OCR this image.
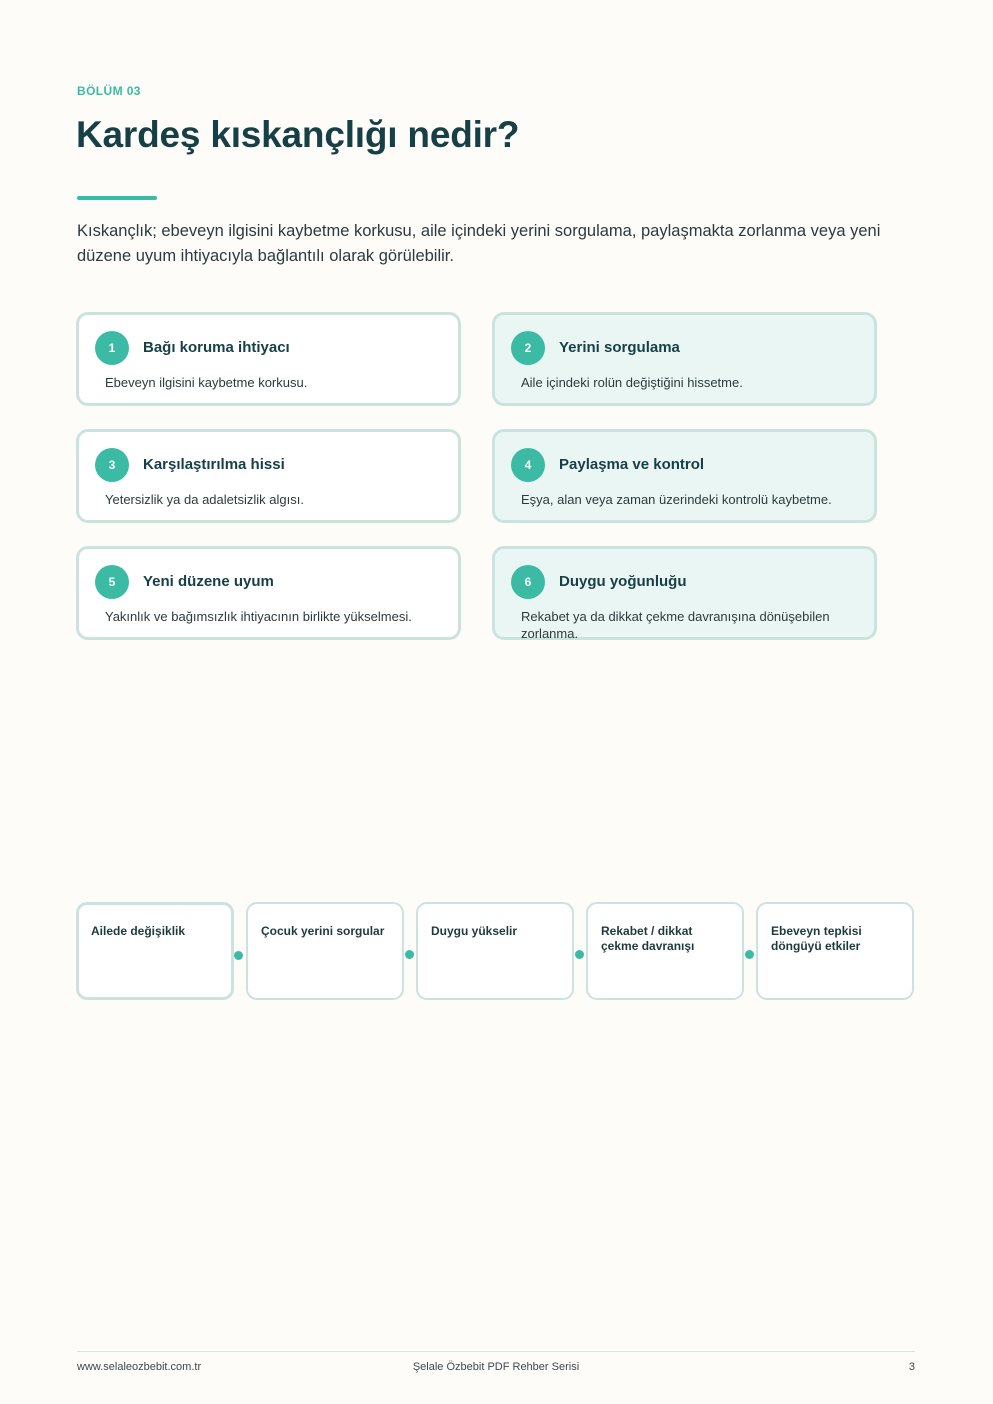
BÖLÜM 03
Kardeş kıskançlığı nedir?

Kıskançlık; ebeveyn ilgisini kaybetme korkusu, aile içindeki yerini sorgulama, paylaşmakta zorlanma veya yeni düzene uyum ihtiyacıyla bağlantılı olarak görülebilir.

1	Bağı koruma ihtiyacı
Ebeveyn ilgisini kaybetme korkusu.
2	Yerini sorgulama
Aile içindeki rolün değiştiğini hissetme.
3	Karşılaştırılma hissi
Yetersizlik ya da adaletsizlik algısı.
4	Paylaşma ve kontrol
Eşya, alan veya zaman üzerindeki kontrolü kaybetme.
5	Yeni düzene uyum
Yakınlık ve bağımsızlık ihtiyacının birlikte yükselmesi.
6	Duygu yoğunluğu
Rekabet ya da dikkat çekme davranışına dönüşebilen zorlanma.
Ailede değişiklik	Çocuk yerini sorgular	Duygu yükselir	Rekabet / dikkat çekme davranışı
Ebeveyn tepkisi döngüyü etkiler
www.selaleozbebit.com.tr	Şelale Özbebit PDF Rehber Serisi	3
